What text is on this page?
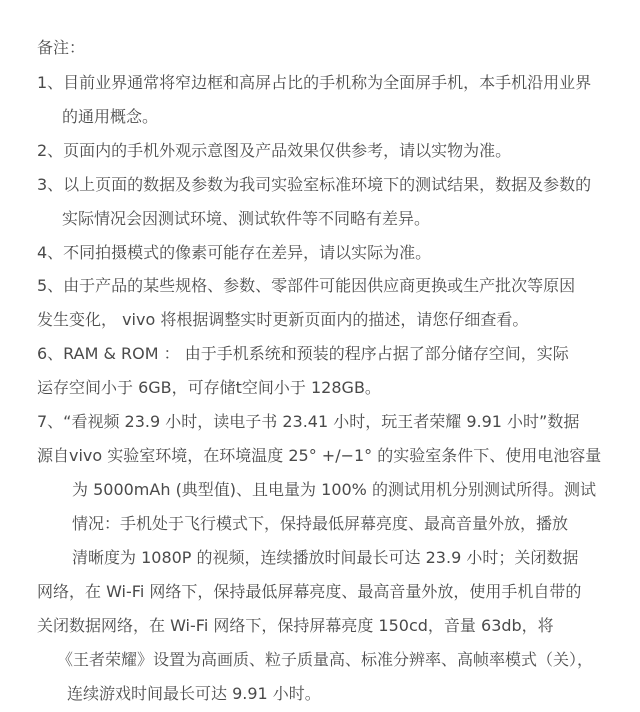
备注：
1、目前业界通常将窄边框和高屏占比的手机称为全面屏手机，本手机沿用业界
的通用概念。
2、页面内的手机外观示意图及产品效果仅供参考，请以实物为准。
3、以上页面的数据及参数为我司实验室标准环境下的测试结果，数据及参数的
实际情况会因测试环境、测试软件等不同略有差异。
4、不同拍摄模式的像素可能存在差异，请以实际为准。
5、由于产品的某些规格、参数、零部件可能因供应商更换或生产批次等原因
发生变化， vivo 将根据调整实时更新页面内的描述，请您仔细查看。
6、RAM & ROM ： 由于手机系统和预装的程序占据了部分储存空间，实际
运存空间小于 6GB，可存储t空间小于 128GB。
7、“看视频 23.9 小时，读电子书 23.41 小时，玩王者荣耀 9.91 小时”数据
源自vivo 实验室环境，在环境温度 25° +/−1° 的实验室条件下、使用电池容量
为 5000mAh (典型值)、且电量为 100% 的测试用机分别测试所得。测试
情况：手机处于飞行模式下，保持最低屏幕亮度、最高音量外放，播放
清晰度为 1080P 的视频，连续播放时间最长可达 23.9 小时；关闭数据
网络，在 Wi-Fi 网络下，保持最低屏幕亮度、最高音量外放，使用手机自带的
关闭数据网络，在 Wi-Fi 网络下，保持屏幕亮度 150cd，音量 63db，将
《王者荣耀》设置为高画质、粒子质量高、标准分辨率、高帧率模式（关），
连续游戏时间最长可达 9.91 小时。
